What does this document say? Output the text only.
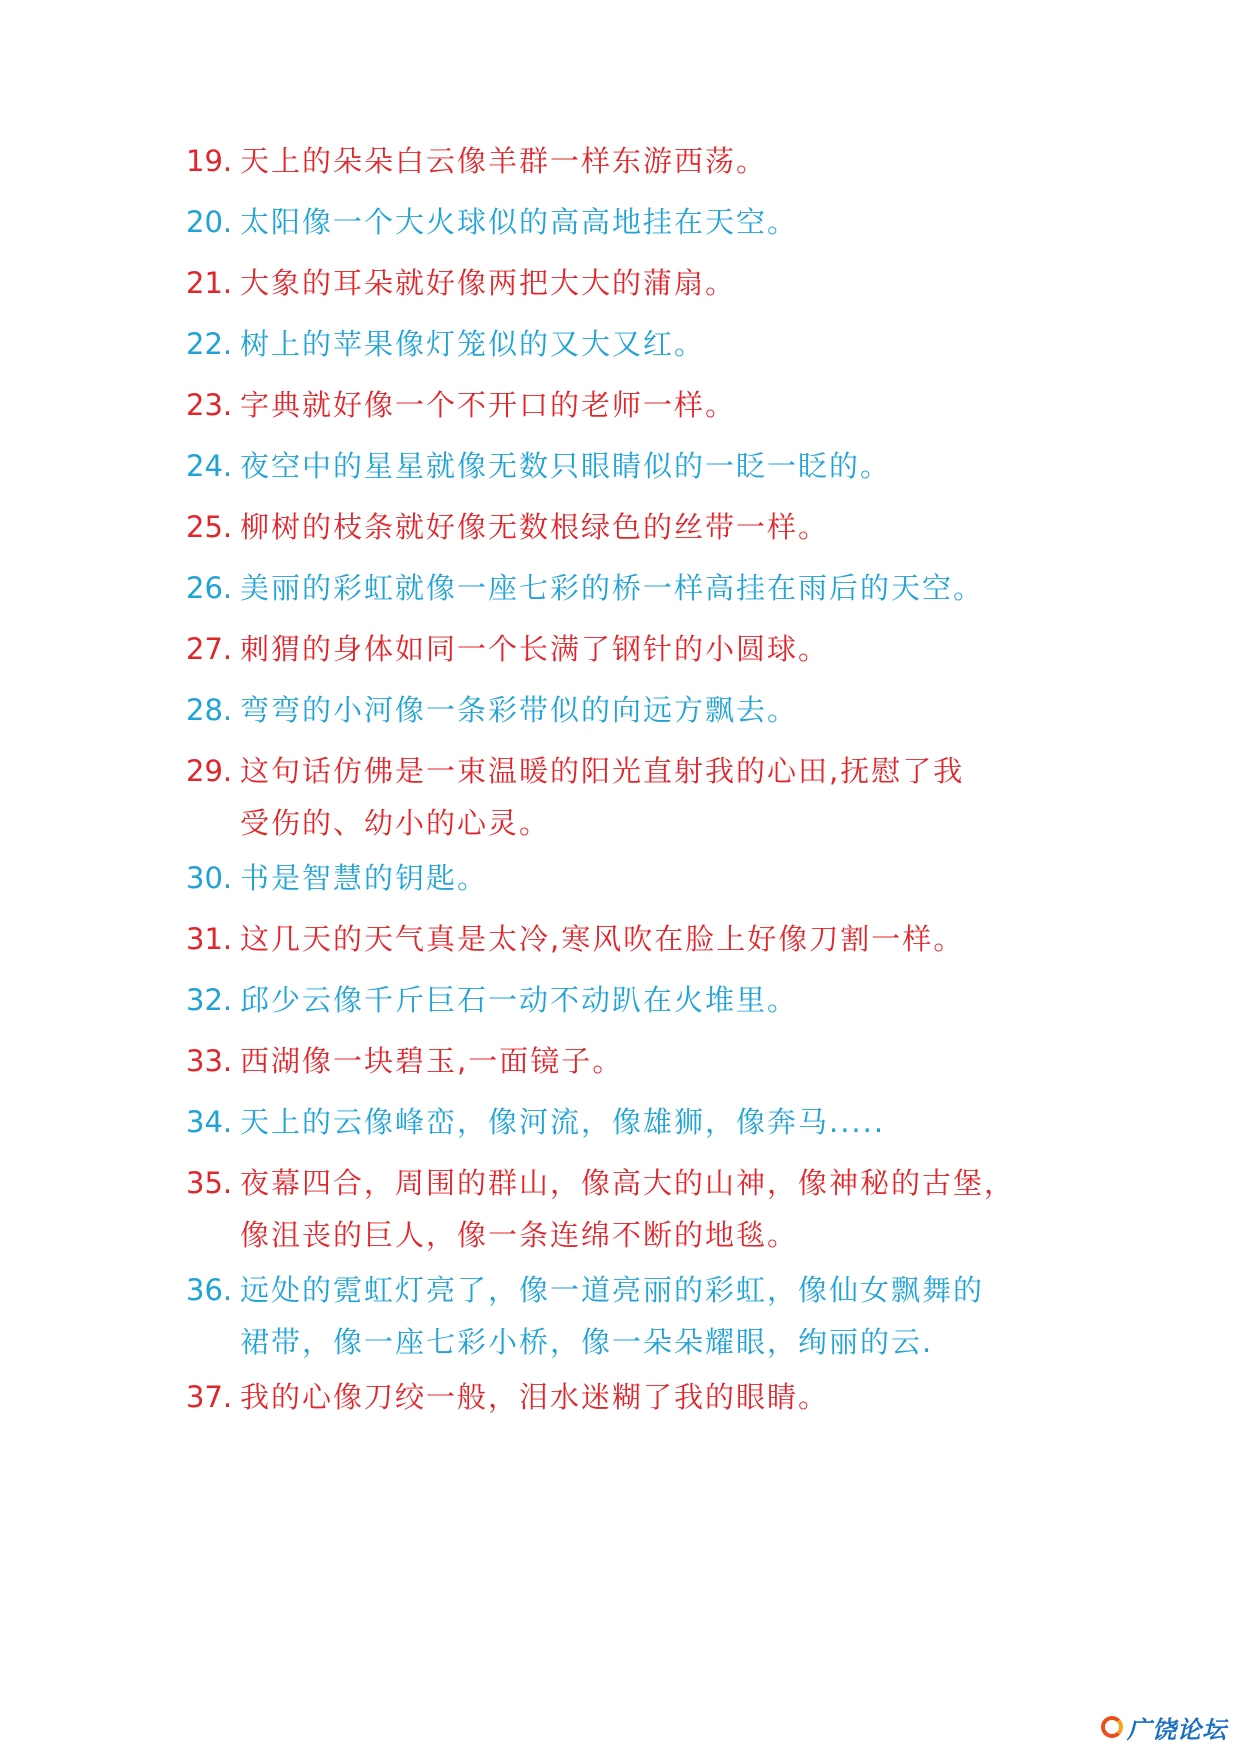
19. 天上的朵朵白云像羊群一样东游西荡。
20. 太阳像一个大火球似的高高地挂在天空。
21. 大象的耳朵就好像两把大大的蒲扇。
22. 树上的苹果像灯笼似的又大又红。
23. 字典就好像一个不开口的老师一样。
24. 夜空中的星星就像无数只眼睛似的一眨一眨的。
25. 柳树的枝条就好像无数根绿色的丝带一样。
26. 美丽的彩虹就像一座七彩的桥一样高挂在雨后的天空。
27. 刺猬的身体如同一个长满了钢针的小圆球。
28. 弯弯的小河像一条彩带似的向远方飘去。
29. 这句话仿佛是一束温暖的阳光直射我的心田,抚慰了我
受伤的、幼小的心灵。
30. 书是智慧的钥匙。
31. 这几天的天气真是太冷,寒风吹在脸上好像刀割一样。
32. 邱少云像千斤巨石一动不动趴在火堆里。
33. 西湖像一块碧玉,一面镜子。
34. 天上的云像峰峦，像河流，像雄狮，像奔马.....
35. 夜幕四合，周围的群山，像高大的山神，像神秘的古堡，
像沮丧的巨人，像一条连绵不断的地毯。
36. 远处的霓虹灯亮了，像一道亮丽的彩虹，像仙女飘舞的
裙带，像一座七彩小桥，像一朵朵耀眼，绚丽的云.
37. 我的心像刀绞一般，泪水迷糊了我的眼睛。
广饶论坛
